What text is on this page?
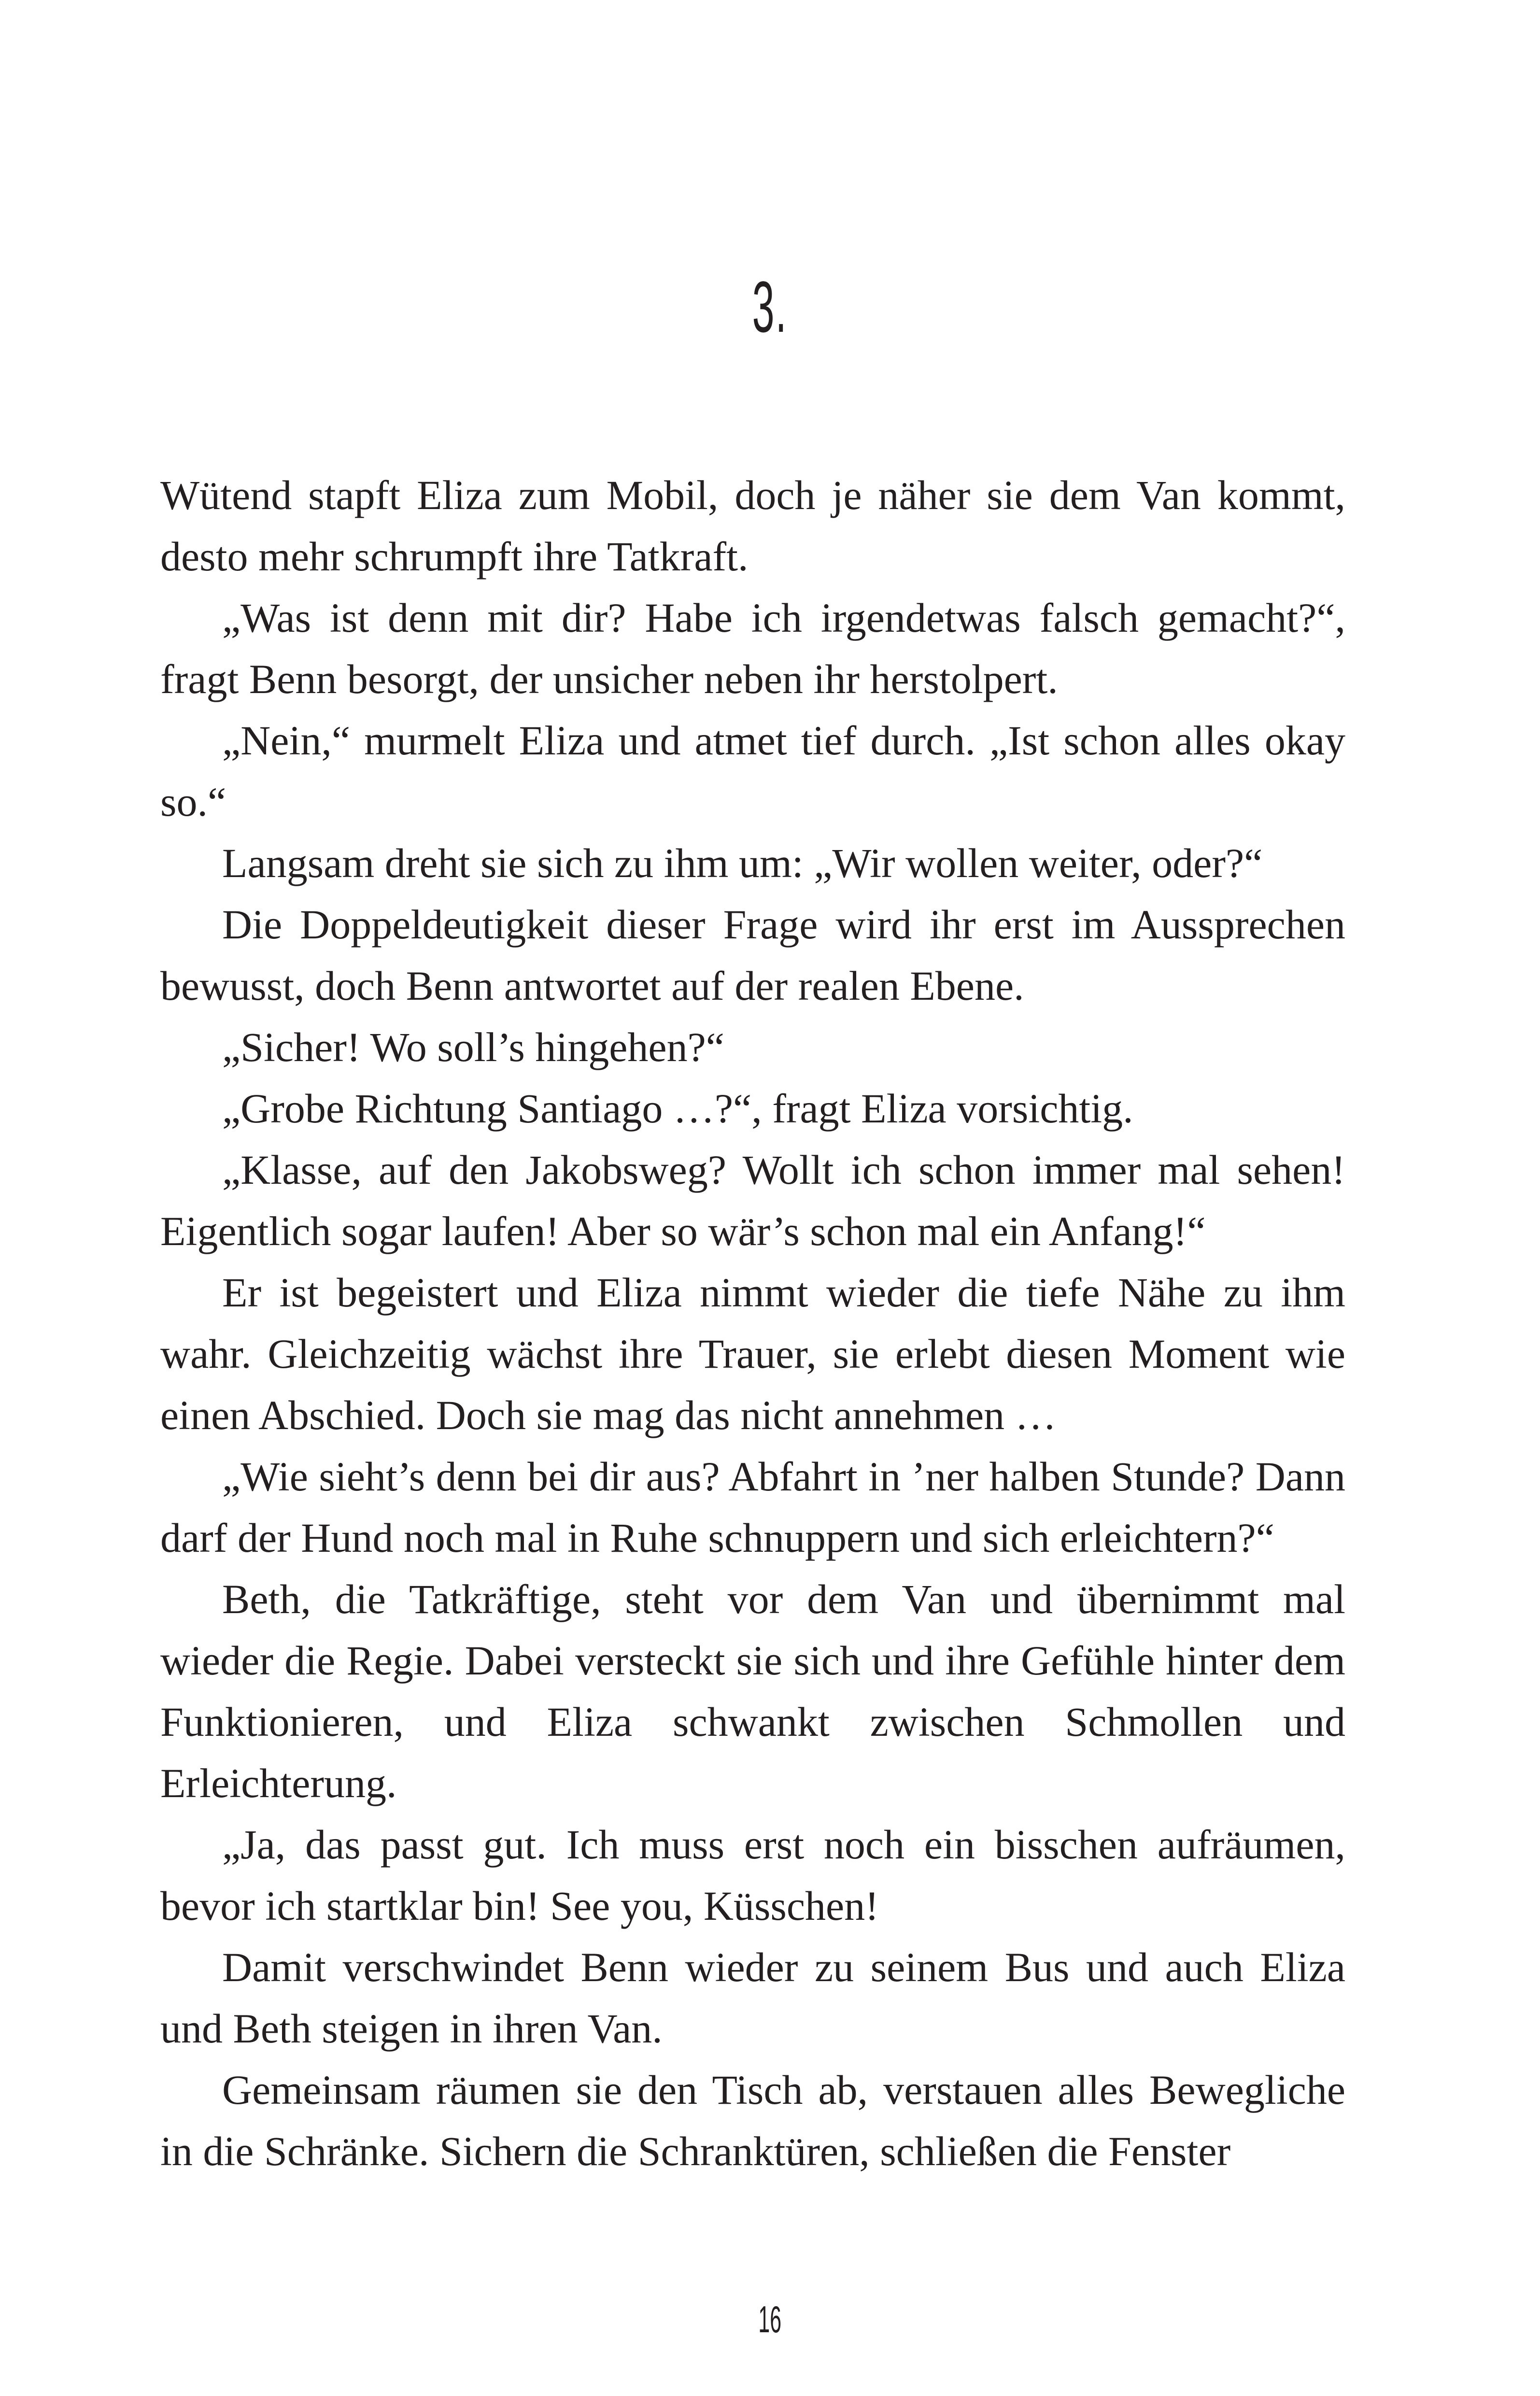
3.

Wütend stapft Eliza zum Mobil, doch je näher sie dem Van kommt, desto mehr schrumpft ihre Tatkraft.

„Was ist denn mit dir? Habe ich irgendetwas falsch gemacht?“, fragt Benn besorgt, der unsicher neben ihr herstolpert.

„Nein,“ murmelt Eliza und atmet tief durch. „Ist schon alles okay so.“

Langsam dreht sie sich zu ihm um: „Wir wollen weiter, oder?“

Die Doppeldeutigkeit dieser Frage wird ihr erst im Aussprechen bewusst, doch Benn antwortet auf der realen Ebene.

„Sicher! Wo soll’s hingehen?“

„Grobe Richtung Santiago …?“, fragt Eliza vorsichtig.

„Klasse, auf den Jakobsweg? Wollt ich schon immer mal sehen! Eigentlich sogar laufen! Aber so wär’s schon mal ein Anfang!“

Er ist begeistert und Eliza nimmt wieder die tiefe Nähe zu ihm wahr. Gleichzeitig wächst ihre Trauer, sie erlebt diesen Moment wie einen Abschied. Doch sie mag das nicht annehmen …

„Wie sieht’s denn bei dir aus? Abfahrt in ’ner halben Stunde? Dann darf der Hund noch mal in Ruhe schnuppern und sich erleichtern?“

Beth, die Tatkräftige, steht vor dem Van und übernimmt mal wieder die Regie. Dabei versteckt sie sich und ihre Gefühle hinter dem Funktionieren, und Eliza schwankt zwischen Schmollen und Erleichterung.

„Ja, das passt gut. Ich muss erst noch ein bisschen aufräumen, bevor ich startklar bin! See you, Küsschen!

Damit verschwindet Benn wieder zu seinem Bus und auch Eliza und Beth steigen in ihren Van.

Gemeinsam räumen sie den Tisch ab, verstauen alles Bewegliche in die Schränke. Sichern die Schranktüren, schließen die Fenster

16
